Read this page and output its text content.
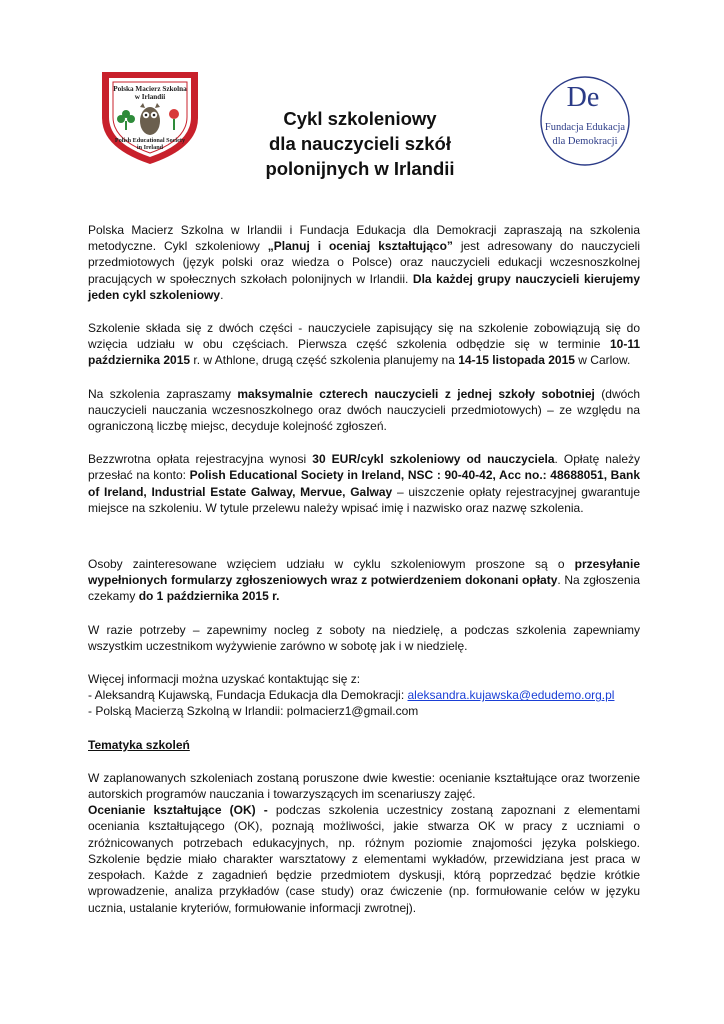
Polska Macierz Szkolna
w Irlandii
Polish Educational Society
in Ireland
De
Fundacja Edukacja
dla Demokracji
Cykl szkoleniowy
dla nauczycieli szkół
polonijnych w Irlandii

Polska Macierz Szkolna w Irlandii i Fundacja Edukacja dla Demokracji zapraszają na szkolenia metodyczne. Cykl szkoleniowy „Planuj i oceniaj kształtująco” jest adresowany do nauczycieli przedmiotowych (język polski oraz wiedza o Polsce) oraz nauczycieli edukacji wczesnoszkolnej pracujących w społecznych szkołach polonijnych w Irlandii. Dla każdej grupy nauczycieli kierujemy jeden cykl szkoleniowy.

Szkolenie składa się z dwóch części - nauczyciele zapisujący się na szkolenie zobowiązują się do wzięcia udziału w obu częściach. Pierwsza część szkolenia odbędzie się w terminie 10-11 października 2015 r. w Athlone, drugą część szkolenia planujemy na 14-15 listopada 2015 w Carlow.

Na szkolenia zapraszamy maksymalnie czterech nauczycieli z jednej szkoły sobotniej (dwóch nauczycieli nauczania wczesnoszkolnego oraz dwóch nauczycieli przedmiotowych) – ze względu na ograniczoną liczbę miejsc, decyduje kolejność zgłoszeń.

Bezzwrotna opłata rejestracyjna wynosi 30 EUR/cykl szkoleniowy od nauczyciela. Opłatę należy przesłać na konto: Polish Educational Society in Ireland, NSC : 90-40-42, Acc no.: 48688051, Bank of Ireland, Industrial Estate Galway, Mervue, Galway – uiszczenie opłaty rejestracyjnej gwarantuje miejsce na szkoleniu. W tytule przelewu należy wpisać imię i nazwisko oraz nazwę szkolenia.

Osoby zainteresowane wzięciem udziału w cyklu szkoleniowym proszone są o przesyłanie wypełnionych formularzy zgłoszeniowych wraz z potwierdzeniem dokonani opłaty. Na zgłoszenia czekamy do 1 października 2015 r.

W razie potrzeby – zapewnimy nocleg z soboty na niedzielę, a podczas szkolenia zapewniamy wszystkim uczestnikom wyżywienie zarówno w sobotę jak i w niedzielę.

Więcej informacji można uzyskać kontaktując się z:
- Aleksandrą Kujawską, Fundacja Edukacja dla Demokracji: aleksandra.kujawska@edudemo.org.pl
- Polską Macierzą Szkolną w Irlandii: polmacierz1@gmail.com

Tematyka szkoleń

W zaplanowanych szkoleniach zostaną poruszone dwie kwestie: ocenianie kształtujące oraz tworzenie autorskich programów nauczania i towarzyszących im scenariuszy zajęć.

Ocenianie kształtujące (OK) - podczas szkolenia uczestnicy zostaną zapoznani z elementami oceniania kształtującego (OK), poznają możliwości, jakie stwarza OK w pracy z uczniami o zróżnicowanych potrzebach edukacyjnych, np. różnym poziomie znajomości języka polskiego. Szkolenie będzie miało charakter warsztatowy z elementami wykładów, przewidziana jest praca w zespołach. Każde z zagadnień będzie przedmiotem dyskusji, którą poprzedzać będzie krótkie wprowadzenie, analiza przykładów (case study) oraz ćwiczenie (np. formułowanie celów w języku ucznia, ustalanie kryteriów, formułowanie informacji zwrotnej).
